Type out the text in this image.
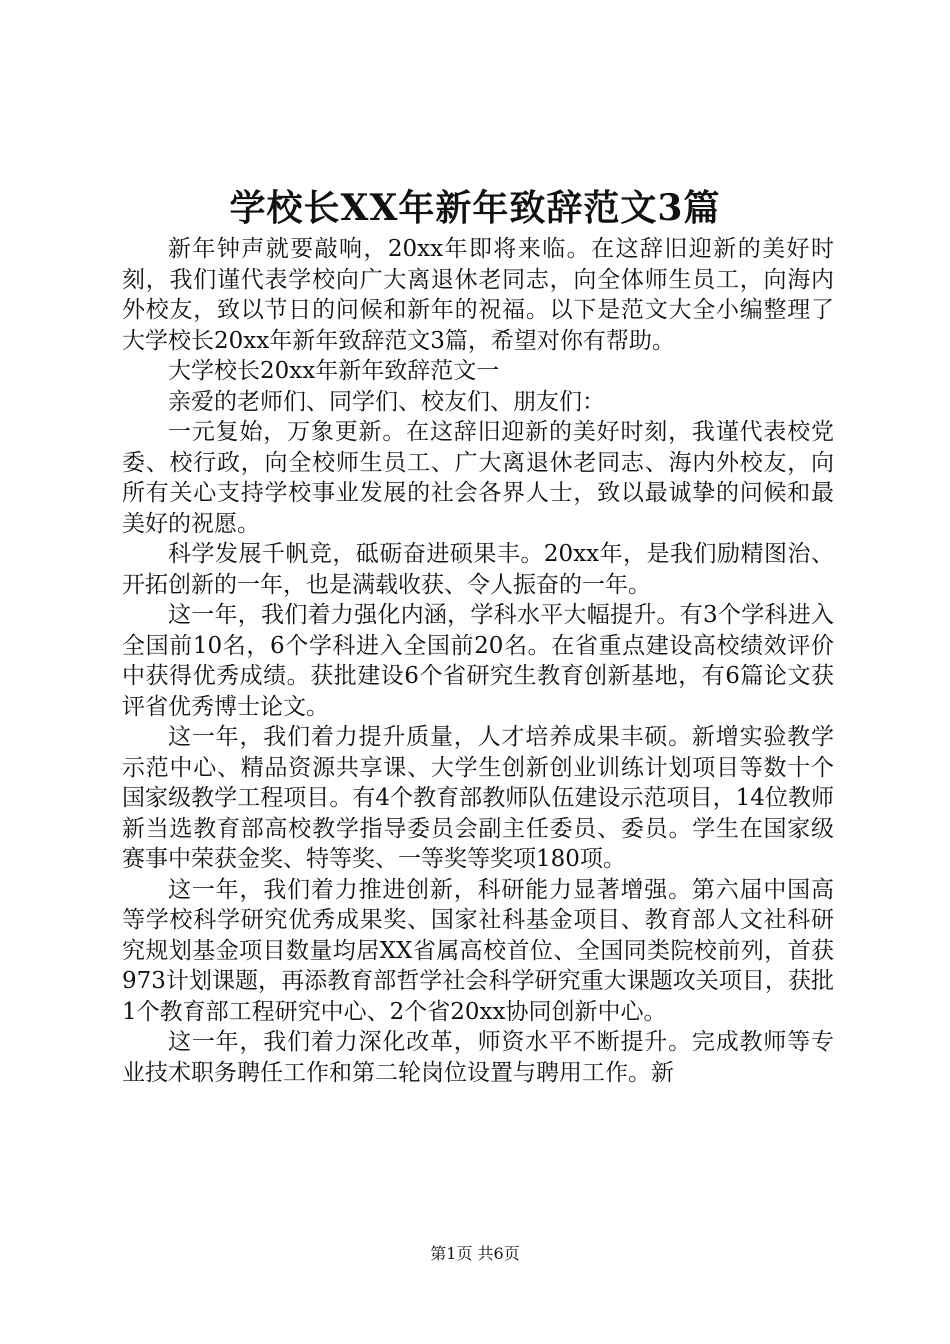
学校长XX年新年致辞范文3篇

新年钟声就要敲响，20xx年即将来临。在这辞旧迎新的美好时刻，我们谨代表学校向广大离退休老同志，向全体师生员工，向海内外校友，致以节日的问候和新年的祝福。以下是范文大全小编整理了大学校长20xx年新年致辞范文3篇，希望对你有帮助。

大学校长20xx年新年致辞范文一

亲爱的老师们、同学们、校友们、朋友们：

一元复始，万象更新。在这辞旧迎新的美好时刻，我谨代表校党委、校行政，向全校师生员工、广大离退休老同志、海内外校友，向所有关心支持学校事业发展的社会各界人士，致以最诚挚的问候和最美好的祝愿。

科学发展千帆竞，砥砺奋进硕果丰。20xx年，是我们励精图治、开拓创新的一年，也是满载收获、令人振奋的一年。

这一年，我们着力强化内涵，学科水平大幅提升。有3个学科进入全国前10名，6个学科进入全国前20名。在省重点建设高校绩效评价中获得优秀成绩。获批建设6个省研究生教育创新基地，有6篇论文获评省优秀博士论文。

这一年，我们着力提升质量，人才培养成果丰硕。新增实验教学示范中心、精品资源共享课、大学生创新创业训练计划项目等数十个国家级教学工程项目。有4个教育部教师队伍建设示范项目，14位教师新当选教育部高校教学指导委员会副主任委员、委员。学生在国家级赛事中荣获金奖、特等奖、一等奖等奖项180项。

这一年，我们着力推进创新，科研能力显著增强。第六届中国高等学校科学研究优秀成果奖、国家社科基金项目、教育部人文社科研究规划基金项目数量均居XX省属高校首位、全国同类院校前列，首获973计划课题，再添教育部哲学社会科学研究重大课题攻关项目，获批1个教育部工程研究中心、2个省20xx协同创新中心。

这一年，我们着力深化改革，师资水平不断提升。完成教师等专业技术职务聘任工作和第二轮岗位设置与聘用工作。新

第1页 共6页
